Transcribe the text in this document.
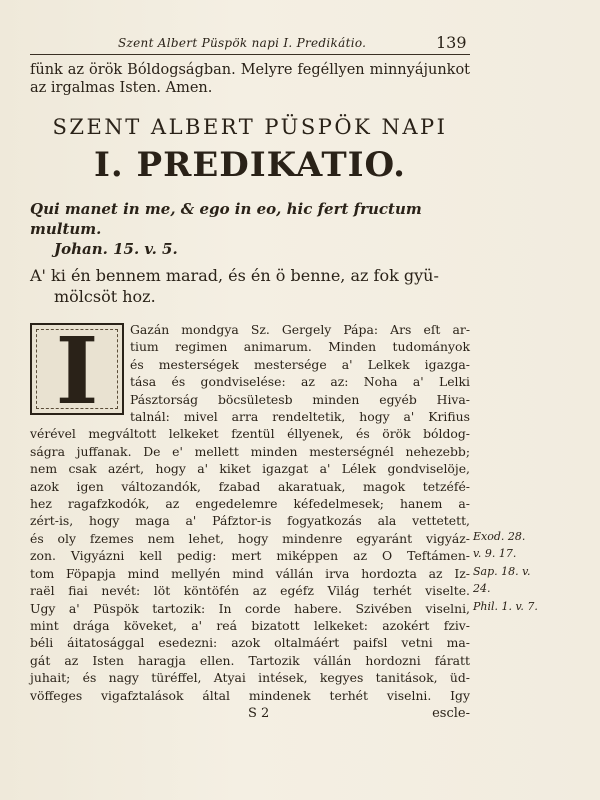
Szent Albert Püspök napi I. Predikátio.	139
fünk az örök Bóldogságban. Melyre fegéllyen minnyájunkot
az irgalmas Isten. Amen.
SZENT ALBERT PÜSPÖK NAPI
I. PREDIKATIO.
Qui manet in me, & ego in eo, hic fert fructum multum.
Johan. 15. v. 5.
A' ki én bennem marad, és én ö benne, az fok gyü-
mölcsöt hoz.
I	Gazán mondgya Sz. Gergely Pápa: Ars eſt ar-
tium regimen animarum. Minden tudományok
és mesterségek mestersége a' Lelkek igazga-
tása és gondviselése: az az: Noha a' Lelki
Pásztorság böcsületesb minden egyéb Hiva-
talnál: mivel arra rendeltetik, hogy a' Krifius
vérével megváltott lelkeket fzentül éllyenek, és örök bóldog-
ságra juffanak. De e' mellett minden mesterségnél nehezebb;
nem csak azért, hogy a' kiket igazgat a' Lélek gondviselöje,
azok igen változandók, fzabad akaratuak, magok tetzéfé-
hez ragafzkodók, az engedelemre kéfedelmesek; hanem a-
zért-is, hogy maga a' Páfztor-is fogyatkozás ala vettetett,
és oly fzemes nem lehet, hogy mindenre egyaránt vigyáz-
zon. Vigyázni kell pedig: mert miképpen az O Teftámen-
tom Föpapja mind mellyén mind vállán irva hordozta az Iz-
raël fiai nevét: löt köntöfén az egéfz Világ terhét viselte.
Ugy a' Püspök tartozik: In corde habere. Szivében viselni,
mint drága köveket, a' reá bizatott lelkeket: azokért fziv-
béli áitatosággal esedezni: azok oltalmáért paifsl vetni ma-
gát az Isten haragja ellen. Tartozik vállán hordozni fáratt
juhait; és nagy türéffel, Atyai intések, kegyes tanitások, üd-
vöffeges vigafztalások által mindenek terhét viselni. Igy
S 2	escle-
Exod. 28.
v. 9. 17.
Sap. 18. v.
24.
Phil. 1. v. 7.
